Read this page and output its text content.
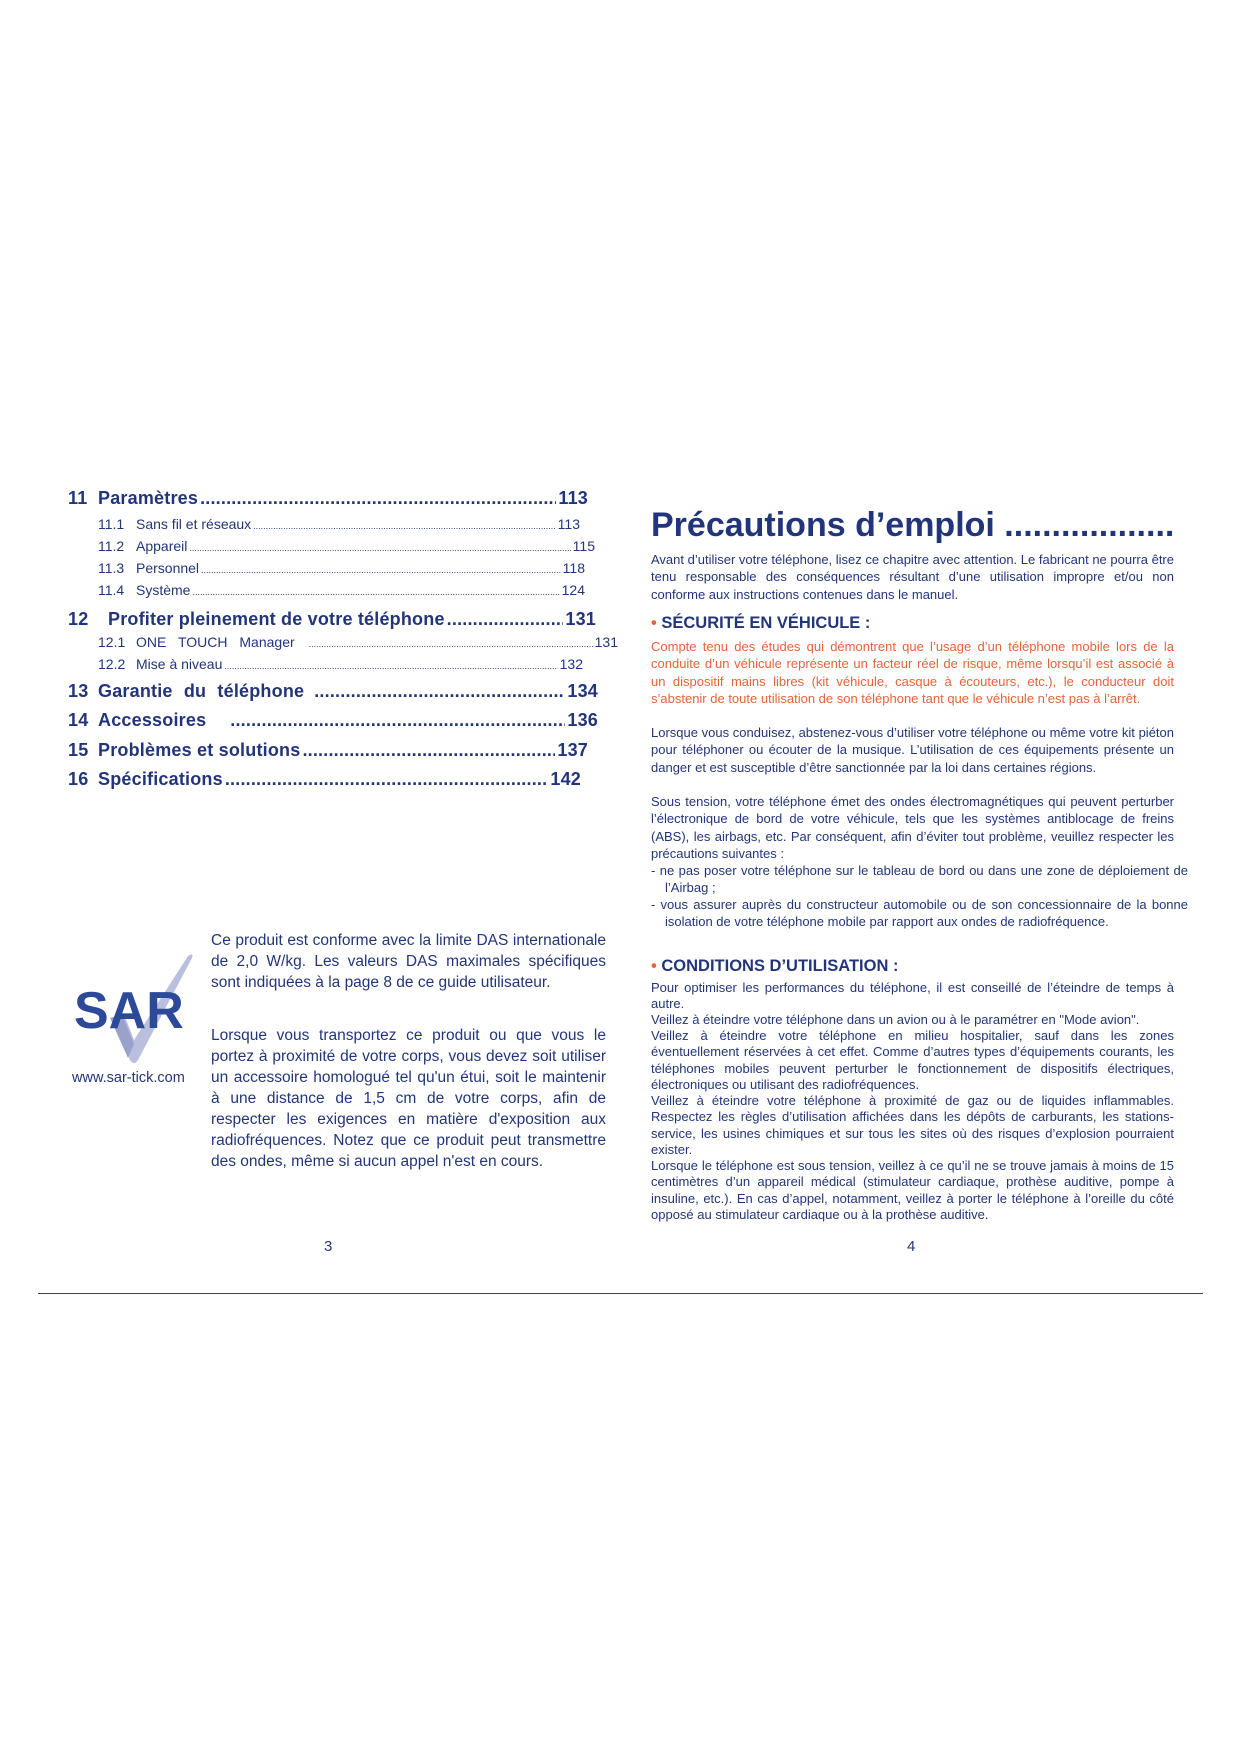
11 Paramètres .....	113
11.1 Sans fil et réseaux .....	113
11.2 Appareil .....	115
11.3 Personnel .....	118
11.4 Système .....	124
12	Profiter pleinement de votre téléphone .....	131
12.1 ONE TOUCH Manager .....	131
12.2 Mise à niveau .....	132
13 Garantie du téléphone .....	134
14 Accessoires .....	136
15 Problèmes et solutions .....	137
16 Spécifications .....	142
SAR
www.sar-tick.com
Ce produit est conforme avec la limite DAS internationale de 2,0 W/kg. Les valeurs DAS maximales spécifiques sont indiquées à la page 8 de ce guide utilisateur.
Lorsque vous transportez ce produit ou que vous le portez à proximité de votre corps, vous devez soit utiliser un accessoire homologué tel qu'un étui, soit le maintenir à une distance de 1,5 cm de votre corps, afin de respecter les exigences en matière d'exposition aux radiofréquences. Notez que ce produit peut transmettre des ondes, même si aucun appel n'est en cours.
3	4
Précautions d’emploi ..................
Avant d’utiliser votre téléphone, lisez ce chapitre avec attention. Le fabricant ne pourra être tenu responsable des conséquences résultant d’une utilisation impropre et/ou non conforme aux instructions contenues dans le manuel.
• SÉCURITÉ EN VÉHICULE :
Compte tenu des études qui démontrent que l’usage d’un téléphone mobile lors de la conduite d’un véhicule représente un facteur réel de risque, même lorsqu’il est associé à un dispositif mains libres (kit véhicule, casque à écouteurs, etc.), le conducteur doit s’abstenir de toute utilisation de son téléphone tant que le véhicule n’est pas à l’arrêt.
Lorsque vous conduisez, abstenez-vous d’utiliser votre téléphone ou même votre kit piéton pour téléphoner ou écouter de la musique. L’utilisation de ces équipements présente un danger et est susceptible d’être sanctionnée par la loi dans certaines régions.
Sous tension, votre téléphone émet des ondes électromagnétiques qui peuvent perturber l’électronique de bord de votre véhicule, tels que les systèmes antiblocage de freins (ABS), les airbags, etc. Par conséquent, afin d’éviter tout problème, veuillez respecter les précautions suivantes :
- ne pas poser votre téléphone sur le tableau de bord ou dans une zone de déploiement de l’Airbag ;
- vous assurer auprès du constructeur automobile ou de son concessionnaire de la bonne isolation de votre téléphone mobile par rapport aux ondes de radiofréquence.
• CONDITIONS D’UTILISATION :
Pour optimiser les performances du téléphone, il est conseillé de l’éteindre de temps à autre.
Veillez à éteindre votre téléphone dans un avion ou à le paramétrer en "Mode avion".
Veillez à éteindre votre téléphone en milieu hospitalier, sauf dans les zones éventuellement réservées à cet effet. Comme d’autres types d’équipements courants, les téléphones mobiles peuvent perturber le fonctionnement de dispositifs électriques, électroniques ou utilisant des radiofréquences.
Veillez à éteindre votre téléphone à proximité de gaz ou de liquides inflammables. Respectez les règles d’utilisation affichées dans les dépôts de carburants, les stations-service, les usines chimiques et sur tous les sites où des risques d’explosion pourraient exister.
Lorsque le téléphone est sous tension, veillez à ce qu’il ne se trouve jamais à moins de 15 centimètres d’un appareil médical (stimulateur cardiaque, prothèse auditive, pompe à insuline, etc.). En cas d’appel, notamment, veillez à porter le téléphone à l’oreille du côté opposé au stimulateur cardiaque ou à la prothèse auditive.
